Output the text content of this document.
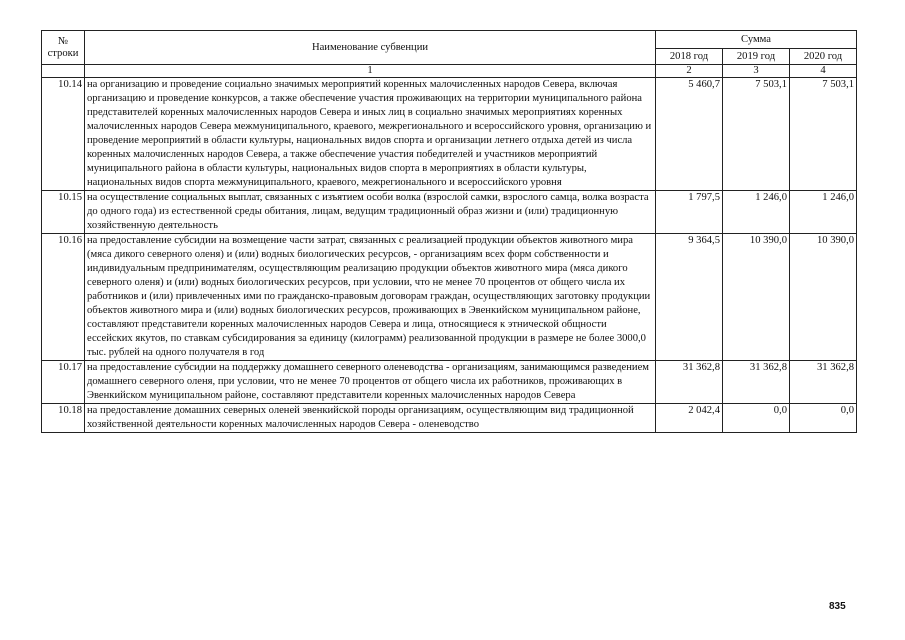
№ строки	Наименование субвенции	Сумма		
		2018 год	2019 год	2020 год
	1	2	3	4
10.14	на организацию и проведение социально значимых мероприятий коренных малочисленных народов Севера, включая организацию и проведение конкурсов, а также обеспечение участия проживающих на территории муниципального района представителей коренных малочисленных народов Севера и иных лиц в социально значимых мероприятиях коренных малочисленных народов Севера межмуниципального, краевого, межрегионального и всероссийского уровня, организацию и проведение мероприятий в области культуры, национальных видов спорта и организации летнего отдыха детей из числа коренных малочисленных народов Севера, а также обеспечение участия победителей и участников мероприятий муниципального района в области культуры, национальных видов спорта в мероприятиях в области культуры, национальных видов спорта межмуниципального, краевого, межрегионального и всероссийского уровня	5 460,7	7 503,1	7 503,1
10.15	на осуществление социальных выплат, связанных с изъятием особи волка (взрослой самки, взрослого самца, волка возраста до одного года) из естественной среды обитания, лицам, ведущим традиционный образ жизни и (или) традиционную хозяйственную деятельность	1 797,5	1 246,0	1 246,0
10.16	на предоставление субсидии на возмещение части затрат, связанных с реализацией продукции объектов животного мира (мяса дикого северного оленя) и (или) водных биологических ресурсов, - организациям всех форм собственности и индивидуальным предпринимателям, осуществляющим реализацию продукции объектов животного мира (мяса дикого северного оленя) и (или) водных биологических ресурсов, при условии, что не менее 70 процентов от общего числа их работников и (или) привлеченных ими по гражданско-правовым договорам граждан, осуществляющих заготовку продукции объектов животного мира и (или) водных биологических ресурсов, проживающих в Эвенкийском муниципальном районе, составляют представители коренных малочисленных народов Севера и лица, относящиеся к этнической общности ессейских якутов, по ставкам субсидирования за единицу (килограмм) реализованной продукции в размере не более 3000,0 тыс. рублей на одного получателя в год	9 364,5	10 390,0	10 390,0
10.17	на предоставление субсидии на поддержку домашнего северного оленеводства - организациям, занимающимся разведением домашнего северного оленя, при условии, что не менее 70 процентов от общего числа их работников, проживающих в Эвенкийском муниципальном районе, составляют представители коренных малочисленных народов Севера	31 362,8	31 362,8	31 362,8
10.18	на предоставление домашних северных оленей эвенкийской породы организациям, осуществляющим вид традиционной хозяйственной деятельности коренных малочисленных народов Севера - оленеводство	2 042,4	0,0	0,0
835
